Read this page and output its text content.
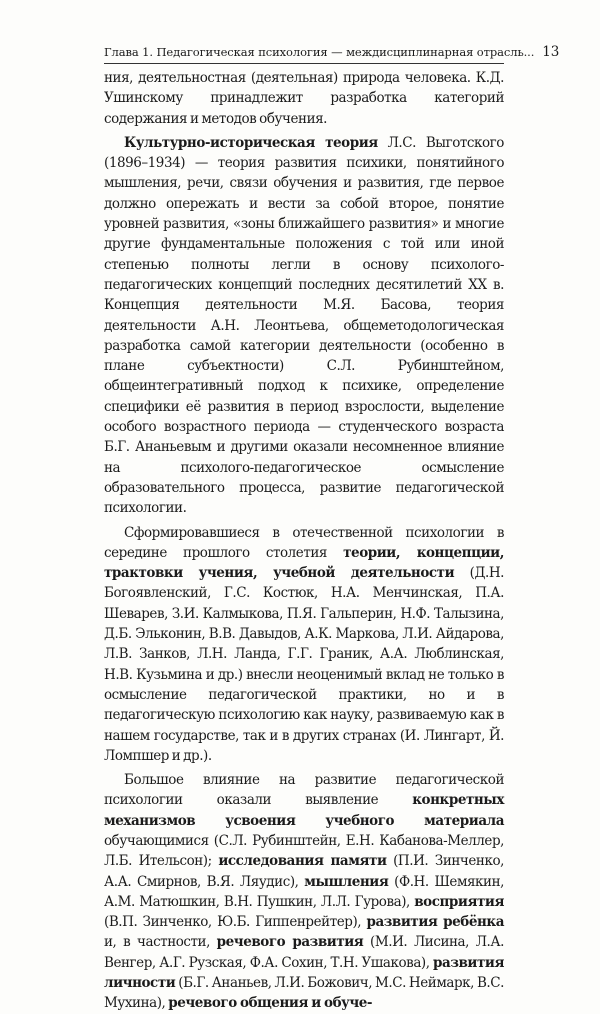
Глава 1. Педагогическая психология — междисциплинарная отрасль... 13

ния, деятельностная (деятельная) природа человека. К.Д. Ушинскому принадлежит разработка категорий содержания и методов обучения.

Культурно-историческая теория Л.С. Выготского (1896–1934) — теория развития психики, понятийного мышления, речи, связи обучения и развития, где первое должно опережать и вести за собой второе, понятие уровней развития, «зоны ближайшего развития» и многие другие фундаментальные положения с той или иной степенью полноты легли в основу психолого-педагогических концепций последних десятилетий XX в. Концепция деятельности М.Я. Басова, теория деятельности А.Н. Леонтьева, общеметодологическая разработка самой категории деятельности (особенно в плане субъектности) С.Л. Рубинштейном, общеинтегративный подход к психике, определение специфики её развития в период взрослости, выделение особого возрастного периода — студенческого возраста Б.Г. Ананьевым и другими оказали несомненное влияние на психолого-педагогическое осмысление образовательного процесса, развитие педагогической психологии.

Сформировавшиеся в отечественной психологии в середине прошлого столетия теории, концепции, трактовки учения, учебной деятельности (Д.Н. Богоявленский, Г.С. Костюк, Н.А. Менчинская, П.А. Шеварев, З.И. Калмыкова, П.Я. Гальперин, Н.Ф. Талызина, Д.Б. Эльконин, В.В. Давыдов, А.К. Маркова, Л.И. Айдарова, Л.В. Занков, Л.Н. Ланда, Г.Г. Граник, А.А. Люблинская, Н.В. Кузьмина и др.) внесли неоценимый вклад не только в осмысление педагогической практики, но и в педагогическую психологию как науку, развиваемую как в нашем государстве, так и в других странах (И. Лингарт, Й. Ломпшер и др.).

Большое влияние на развитие педагогической психологии оказали выявление конкретных механизмов усвоения учебного материала обучающимися (С.Л. Рубинштейн, Е.Н. Кабанова-Меллер, Л.Б. Ительсон); исследования памяти (П.И. Зинченко, А.А. Смирнов, В.Я. Ляудис), мышления (Ф.Н. Шемякин, А.М. Матюшкин, В.Н. Пушкин, Л.Л. Гурова), восприятия (В.П. Зинченко, Ю.Б. Гиппенрейтер), развития ребёнка и, в частности, речевого развития (М.И. Лисина, Л.А. Венгер, А.Г. Рузская, Ф.А. Сохин, Т.Н. Ушакова), развития личности (Б.Г. Ананьев, Л.И. Божович, М.С. Неймарк, В.С. Мухина), речевого общения и обуче-
